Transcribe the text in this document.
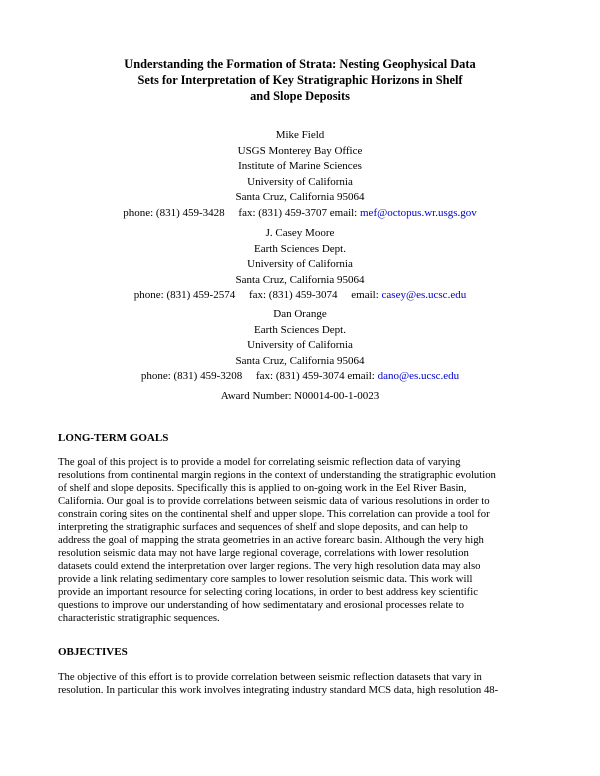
Understanding the Formation of Strata: Nesting Geophysical Data
Sets for Interpretation of Key Stratigraphic Horizons in Shelf
and Slope Deposits
Mike Field
USGS Monterey Bay Office
Institute of Marine Sciences
University of California
Santa Cruz, California 95064
phone: (831) 459-3428     fax: (831) 459-3707 email: mef@octopus.wr.usgs.gov
J. Casey Moore
Earth Sciences Dept.
University of California
Santa Cruz, California 95064
phone: (831) 459-2574     fax: (831) 459-3074     email: casey@es.ucsc.edu
Dan Orange
Earth Sciences Dept.
University of California
Santa Cruz, California 95064
phone: (831) 459-3208     fax: (831) 459-3074 email: dano@es.ucsc.edu
Award Number: N00014-00-1-0023
LONG-TERM GOALS
The goal of this project is to provide a model for correlating seismic reflection data of varying
resolutions from continental margin regions in the context of understanding the stratigraphic evolution
of shelf and slope deposits. Specifically this is applied to on-going work in the Eel River Basin,
California. Our goal is to provide correlations between seismic data of various resolutions in order to
constrain coring sites on the continental shelf and upper slope. This correlation can provide a tool for
interpreting the stratigraphic surfaces and sequences of shelf and slope deposits, and can help to
address the goal of mapping the strata geometries in an active forearc basin. Although the very high
resolution seismic data may not have large regional coverage, correlations with lower resolution
datasets could extend the interpretation over larger regions. The very high resolution data may also
provide a link relating sedimentary core samples to lower resolution seismic data. This work will
provide an important resource for selecting coring locations, in order to best address key scientific
questions to improve our understanding of how sedimentatary and erosional processes relate to
characteristic stratigraphic sequences.
OBJECTIVES
The objective of this effort is to provide correlation between seismic reflection datasets that vary in
resolution. In particular this work involves integrating industry standard MCS data, high resolution 48-
